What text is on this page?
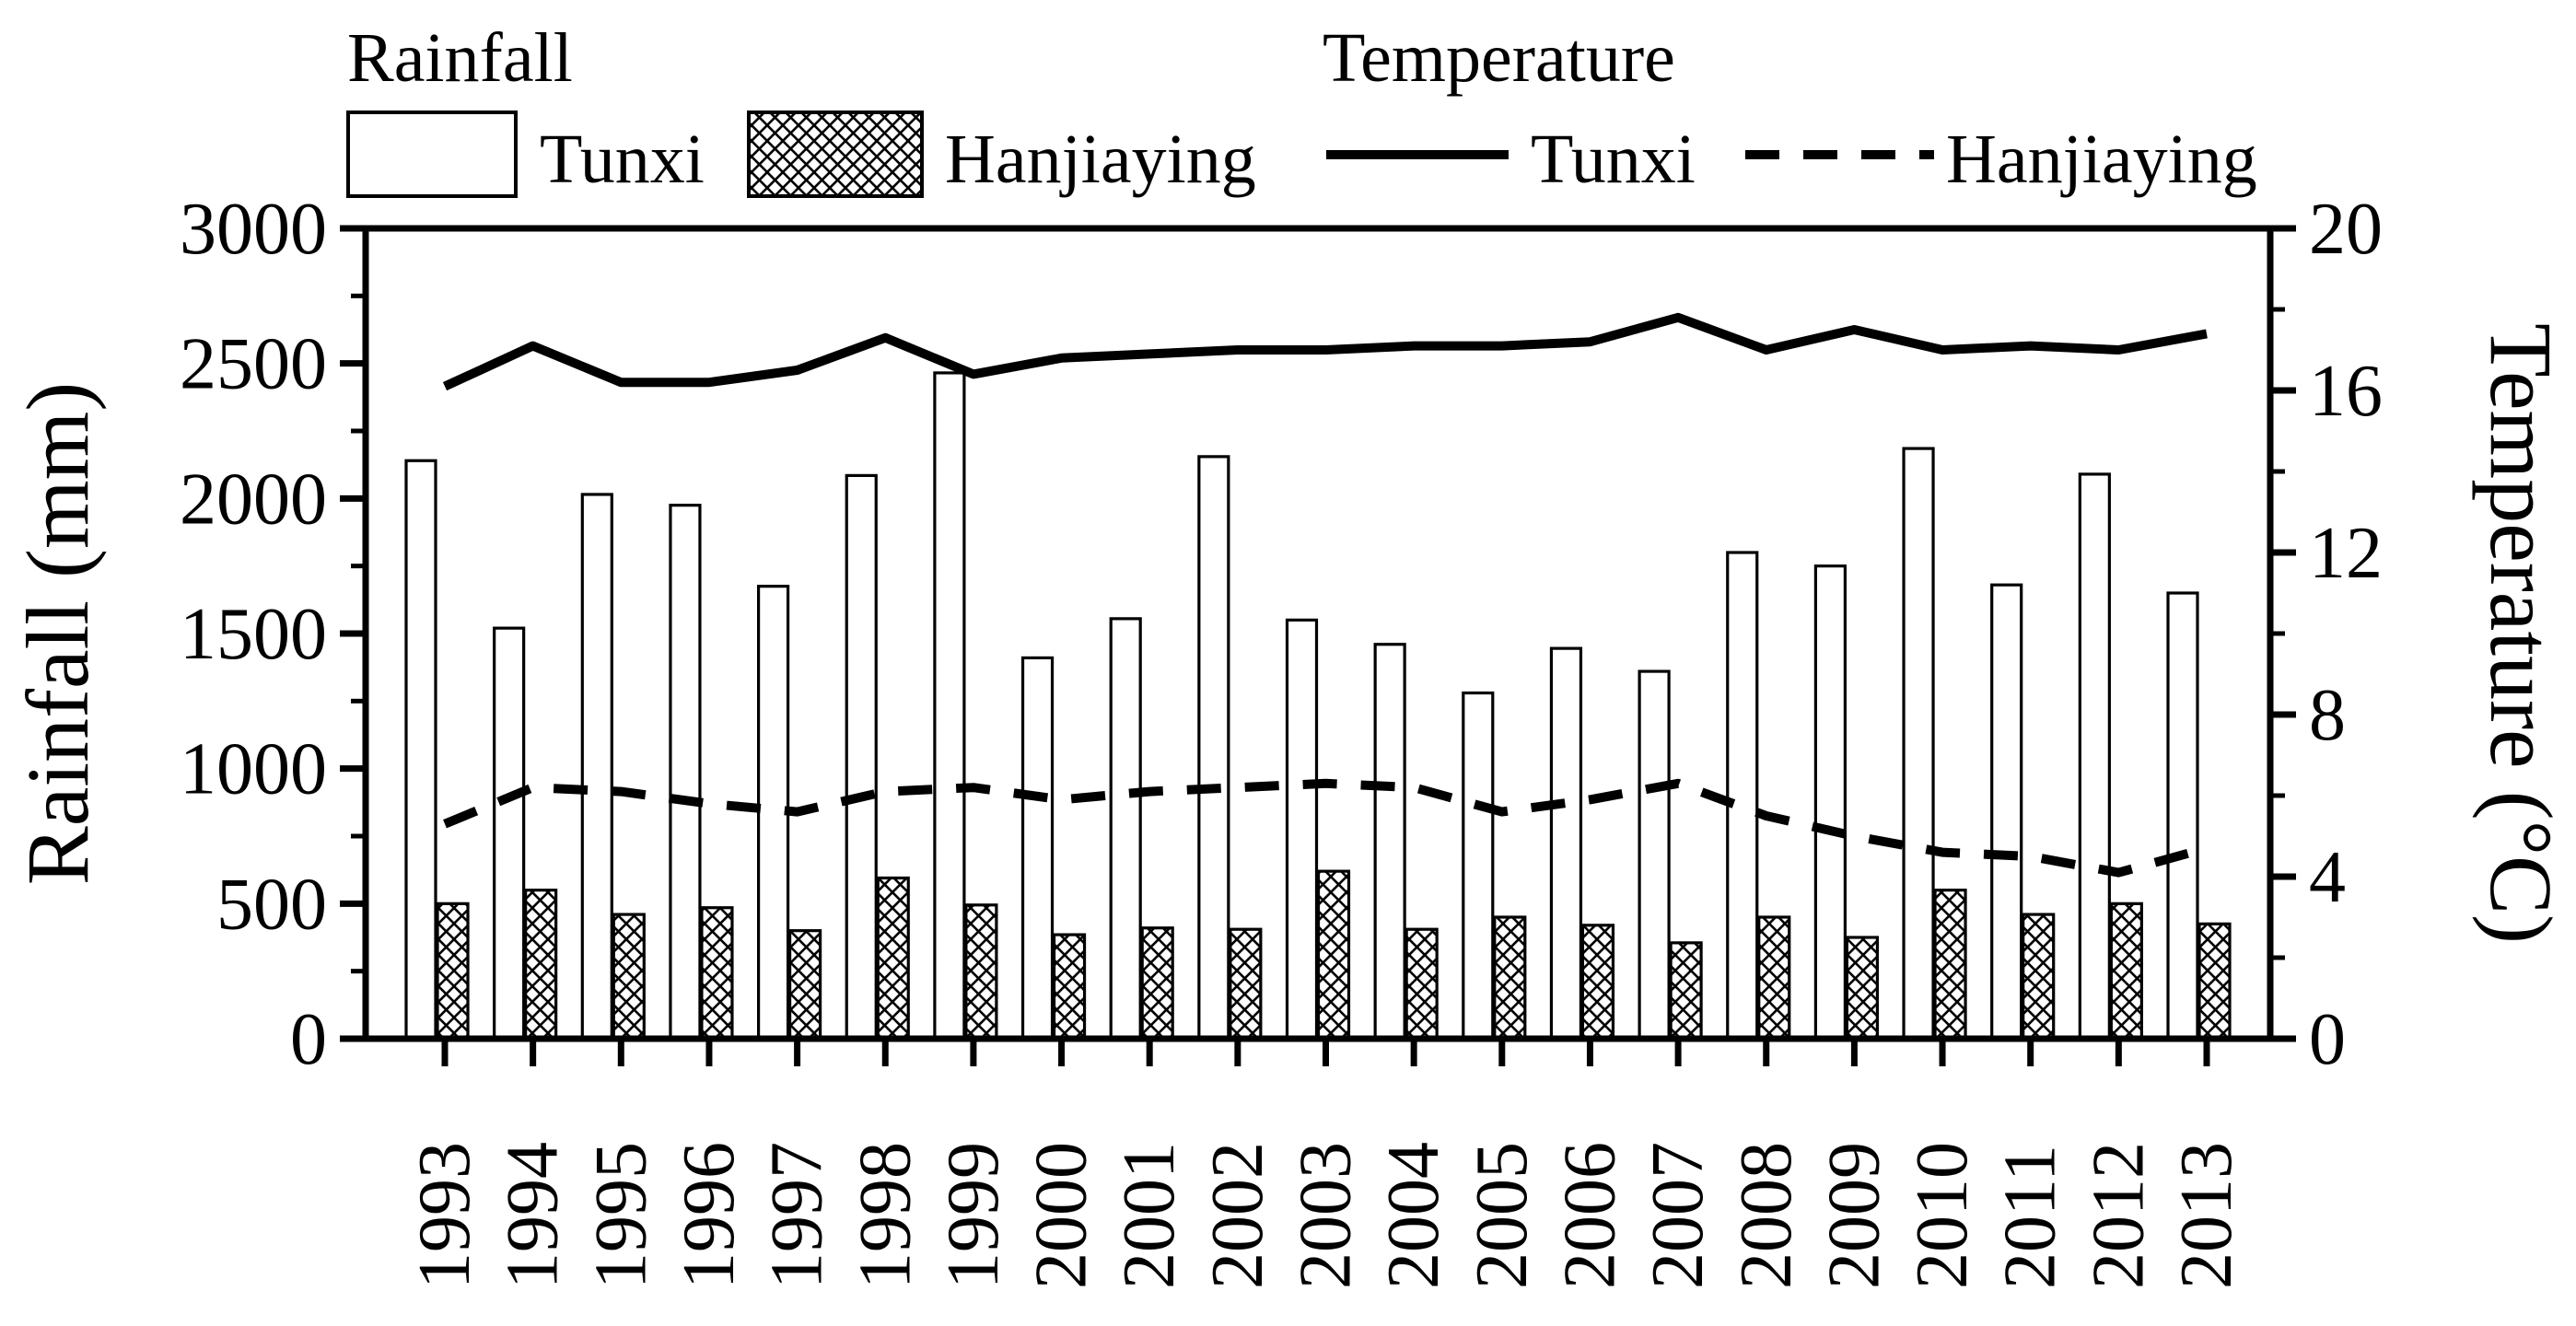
0
500
1000
1500
2000
2500
3000
0
4
8
12
16
20
1993 1994 1995 1996 1997 1998 1999 2000 2001 2002 2003 2004 2005 2006 2007 2008 2009 2010 2011 2012 2013
Rainfall (mm)	Temperature (°C)
Rainfall	Temperature
Tunxi	Hanjiaying	Tunxi	Hanjiaying
